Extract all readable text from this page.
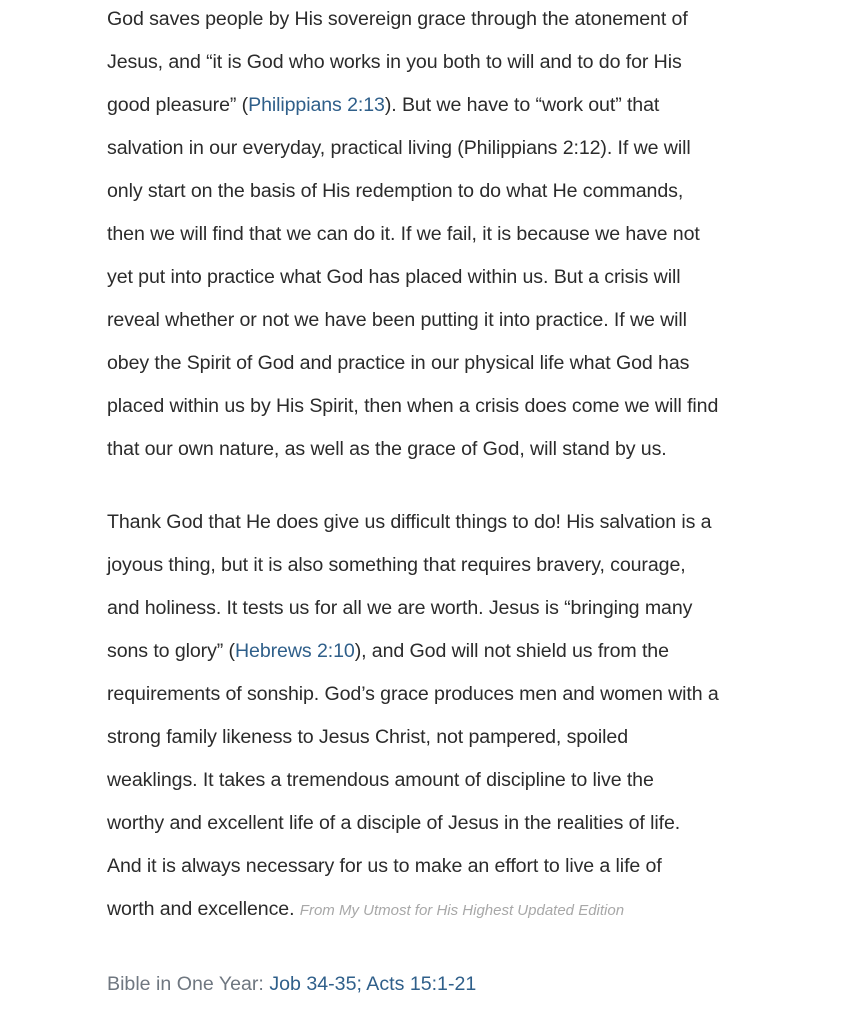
God saves people by His sovereign grace through the atonement of
Jesus, and “it is God who works in you both to will and to do for His
good pleasure” (Philippians 2:13). But we have to “work out” that
salvation in our everyday, practical living (Philippians 2:12). If we will
only start on the basis of His redemption to do what He commands,
then we will find that we can do it. If we fail, it is because we have not
yet put into practice what God has placed within us. But a crisis will
reveal whether or not we have been putting it into practice. If we will
obey the Spirit of God and practice in our physical life what God has
placed within us by His Spirit, then when a crisis does come we will find
that our own nature, as well as the grace of God, will stand by us.

Thank God that He does give us difficult things to do! His salvation is a
joyous thing, but it is also something that requires bravery, courage,
and holiness. It tests us for all we are worth. Jesus is “bringing many
sons to glory” (Hebrews 2:10), and God will not shield us from the
requirements of sonship. God’s grace produces men and women with a
strong family likeness to Jesus Christ, not pampered, spoiled
weaklings. It takes a tremendous amount of discipline to live the
worthy and excellent life of a disciple of Jesus in the realities of life.
And it is always necessary for us to make an effort to live a life of
worth and excellence. From My Utmost for His Highest Updated Edition

Bible in One Year: Job 34-35; Acts 15:1-21
